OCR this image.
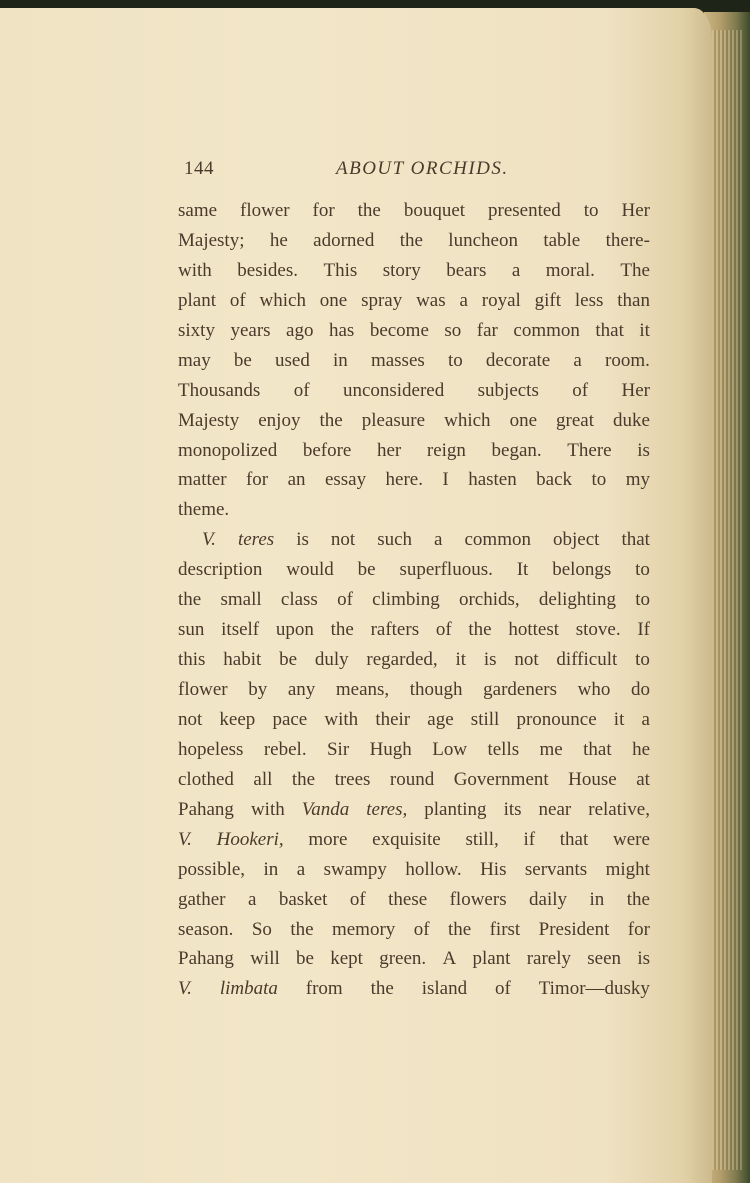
144	ABOUT ORCHIDS.
same flower for the bouquet presented to Her
Majesty; he adorned the luncheon table there-
with besides. This story bears a moral. The
plant of which one spray was a royal gift less than
sixty years ago has become so far common that it
may be used in masses to decorate a room.
Thousands of unconsidered subjects of Her
Majesty enjoy the pleasure which one great duke
monopolized before her reign began. There is
matter for an essay here. I hasten back to my
theme.
V. teres is not such a common object that
description would be superfluous. It belongs to
the small class of climbing orchids, delighting to
sun itself upon the rafters of the hottest stove. If
this habit be duly regarded, it is not difficult to
flower by any means, though gardeners who do
not keep pace with their age still pronounce it a
hopeless rebel. Sir Hugh Low tells me that he
clothed all the trees round Government House at
Pahang with Vanda teres, planting its near relative,
V. Hookeri, more exquisite still, if that were
possible, in a swampy hollow. His servants might
gather a basket of these flowers daily in the
season. So the memory of the first President for
Pahang will be kept green. A plant rarely seen is
V. limbata from the island of Timor—dusky
